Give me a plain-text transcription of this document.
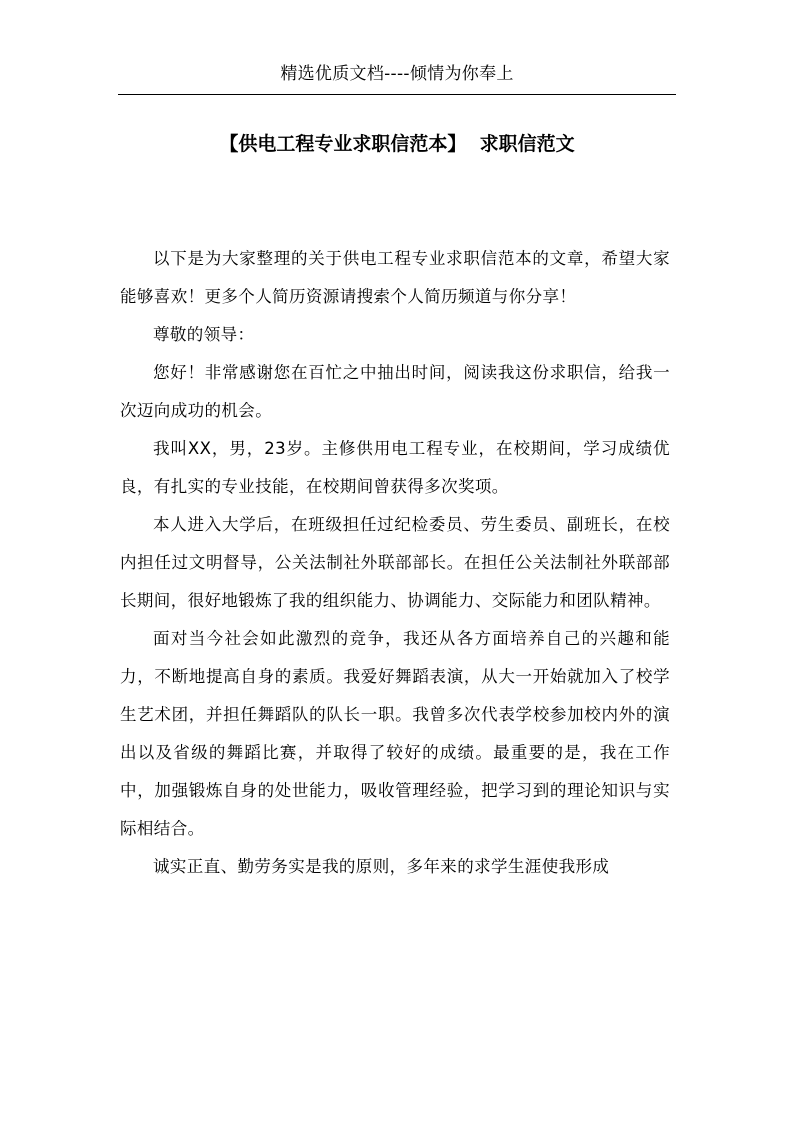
精选优质文档----倾情为你奉上
【供电工程专业求职信范本】  求职信范文

以下是为大家整理的关于供电工程专业求职信范本的文章，希望大家能够喜欢！更多个人简历资源请搜索个人简历频道与你分享！

尊敬的领导：

您好！非常感谢您在百忙之中抽出时间，阅读我这份求职信，给我一次迈向成功的机会。

我叫XX，男，23岁。主修供用电工程专业，在校期间，学习成绩优良，有扎实的专业技能，在校期间曾获得多次奖项。

本人进入大学后，在班级担任过纪检委员、劳生委员、副班长，在校内担任过文明督导，公关法制社外联部部长。在担任公关法制社外联部部长期间，很好地锻炼了我的组织能力、协调能力、交际能力和团队精神。

面对当今社会如此激烈的竞争，我还从各方面培养自己的兴趣和能力，不断地提高自身的素质。我爱好舞蹈表演，从大一开始就加入了校学生艺术团，并担任舞蹈队的队长一职。我曾多次代表学校参加校内外的演出以及省级的舞蹈比赛，并取得了较好的成绩。最重要的是，我在工作中，加强锻炼自身的处世能力，吸收管理经验，把学习到的理论知识与实际相结合。

诚实正直、勤劳务实是我的原则，多年来的求学生涯使我形成
